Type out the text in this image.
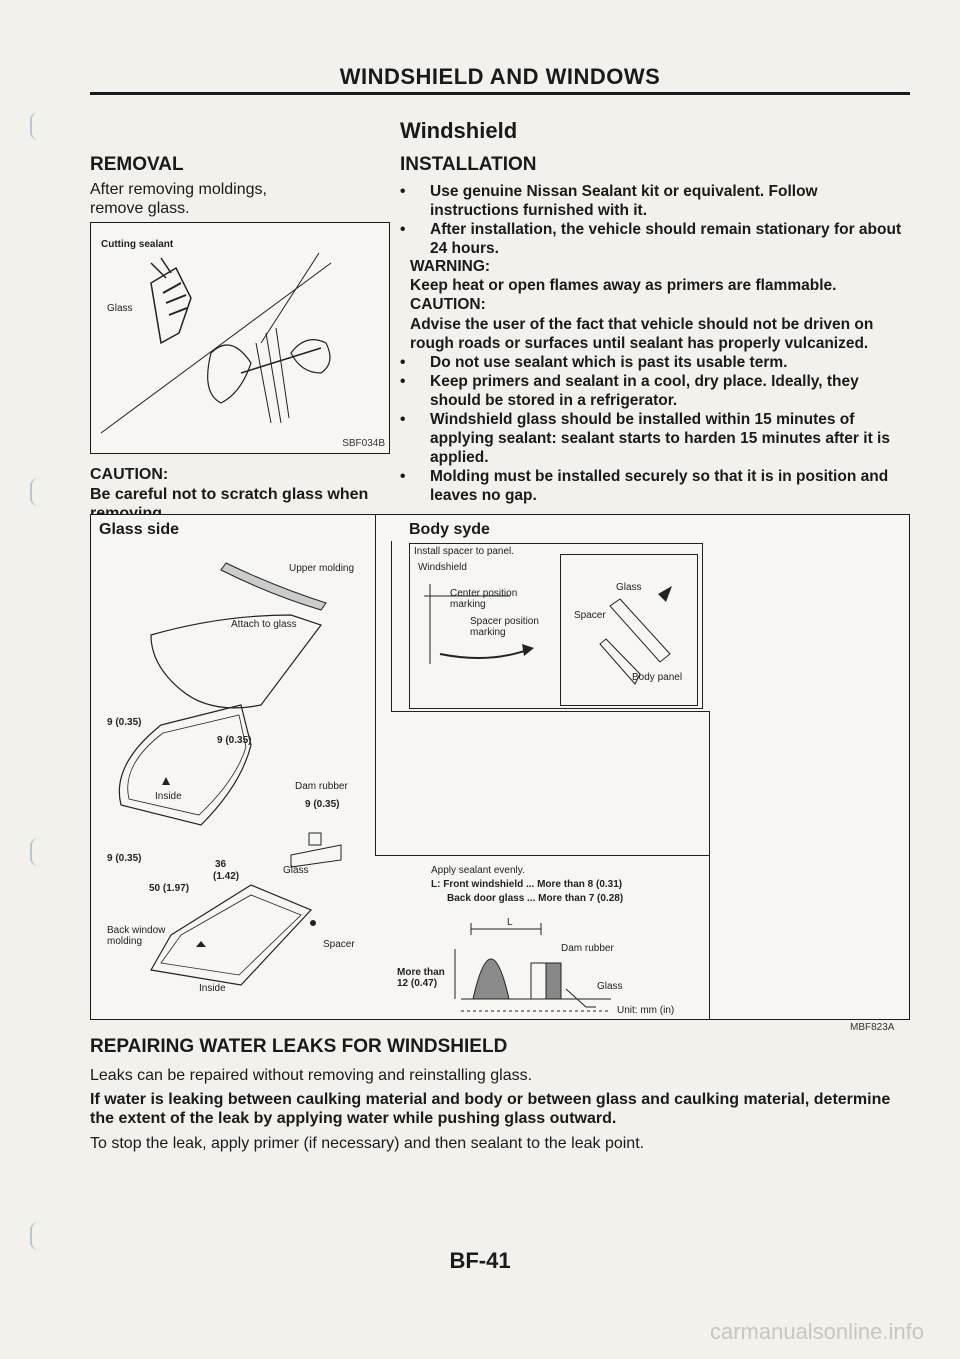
WINDSHIELD AND WINDOWS
Windshield
REMOVAL
After removing moldings, remove glass.
Cutting sealant
Glass
SBF034B
CAUTION:
Be careful not to scratch glass when
INSTALLATION
• Use genuine Nissan Sealant kit or equivalent. Follow instructions furnished with it.
• After installation, the vehicle should remain stationary for about 24 hours.
WARNING:
Keep heat or open flames away as primers are flammable.
CAUTION:
Advise the user of the fact that vehicle should not be driven on rough roads or surfaces until sealant has properly vulcanized.
• Do not use sealant which is past its usable term.
• Keep primers and sealant in a cool, dry place. Ideally, they should be stored in a refrigerator.
• Windshield glass should be installed within 15 minutes of applying sealant: sealant starts to harden 15 minutes after it is applied.
• Molding must be installed securely so that it is in position and leaves no gap.
Glass side	Body syde
Upper molding
Attach to glass
9 (0.35)
9 (0.35)
Inside
Dam rubber
9 (0.35)
9 (0.35)
36
(1.42)
Glass
50 (1.97)
Back window molding	Spacer
Inside
Install spacer to panel.
Windshield
Center position marking
Spacer position marking
Glass
Spacer
Body panel
Apply sealant evenly.
L: Front windshield ... More than 8 (0.31)
Back door glass ... More than 7 (0.28)
L
Dam rubber
More than 12 (0.47)	Glass
Unit: mm (in)
MBF823A
REPAIRING WATER LEAKS FOR WINDSHIELD
Leaks can be repaired without removing and reinstalling glass.
If water is leaking between caulking material and body or between glass and caulking material, determine the extent of the leak by applying water while pushing glass outward.
To stop the leak, apply primer (if necessary) and then sealant to the leak point.
BF-41
carmanualsonline.info
